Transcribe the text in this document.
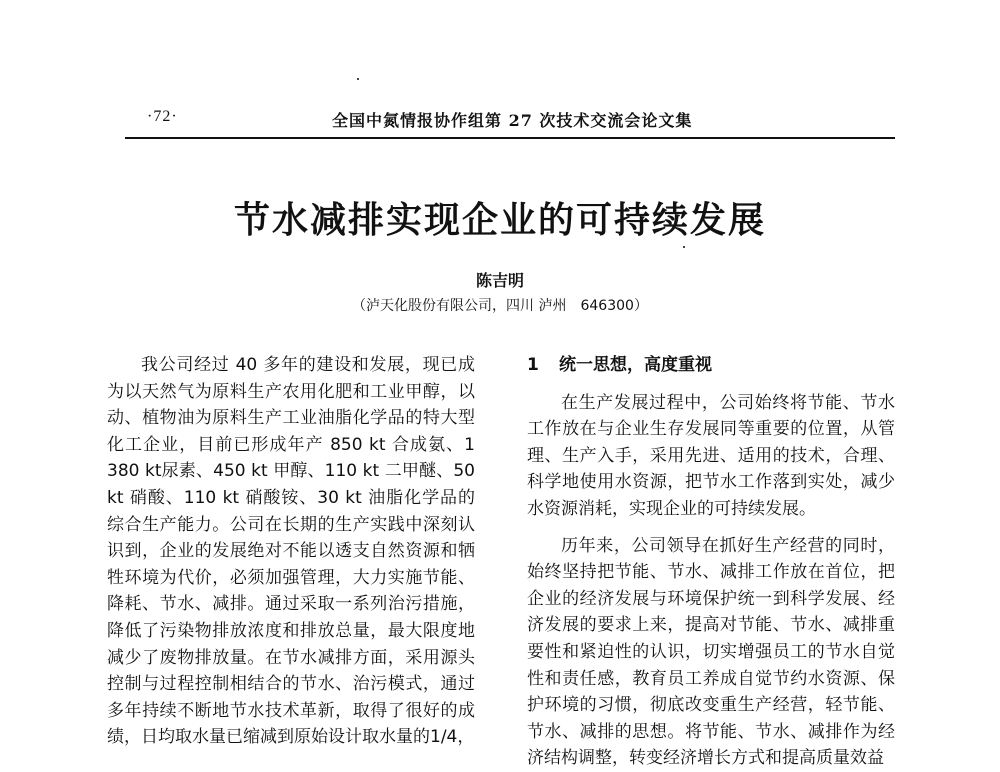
·72·	全国中氮情报协作组第 27 次技术交流会论文集
节水减排实现企业的可持续发展
陈吉明
（泸天化股份有限公司，四川 泸州　646300）

我公司经过 40 多年的建设和发展，现已成为以天然气为原料生产农用化肥和工业甲醇，以动、植物油为原料生产工业油脂化学品的特大型化工企业，目前已形成年产 850 kt 合成氨、1 380 kt尿素、450 kt 甲醇、110 kt 二甲醚、50 kt 硝酸、110 kt 硝酸铵、30 kt 油脂化学品的综合生产能力。公司在长期的生产实践中深刻认识到，企业的发展绝对不能以透支自然资源和牺牲环境为代价，必须加强管理，大力实施节能、降耗、节水、减排。通过采取一系列治污措施，降低了污染物排放浓度和排放总量，最大限度地减少了废物排放量。在节水减排方面，采用源头控制与过程控制相结合的节水、治污模式，通过多年持续不断地节水技术革新，取得了很好的成绩，日均取水量已缩减到原始设计取水量的1/4，

1 统一思想，高度重视

在生产发展过程中，公司始终将节能、节水工作放在与企业生存发展同等重要的位置，从管理、生产入手，采用先进、适用的技术，合理、科学地使用水资源，把节水工作落到实处，减少水资源消耗，实现企业的可持续发展。

历年来，公司领导在抓好生产经营的同时，始终坚持把节能、节水、减排工作放在首位，把企业的经济发展与环境保护统一到科学发展、经济发展的要求上来，提高对节能、节水、减排重要性和紧迫性的认识，切实增强员工的节水自觉性和责任感，教育员工养成自觉节约水资源、保护环境的习惯，彻底改变重生产经营，轻节能、节水、减排的思想。将节能、节水、减排作为经济结构调整，转变经济增长方式和提高质量效益
